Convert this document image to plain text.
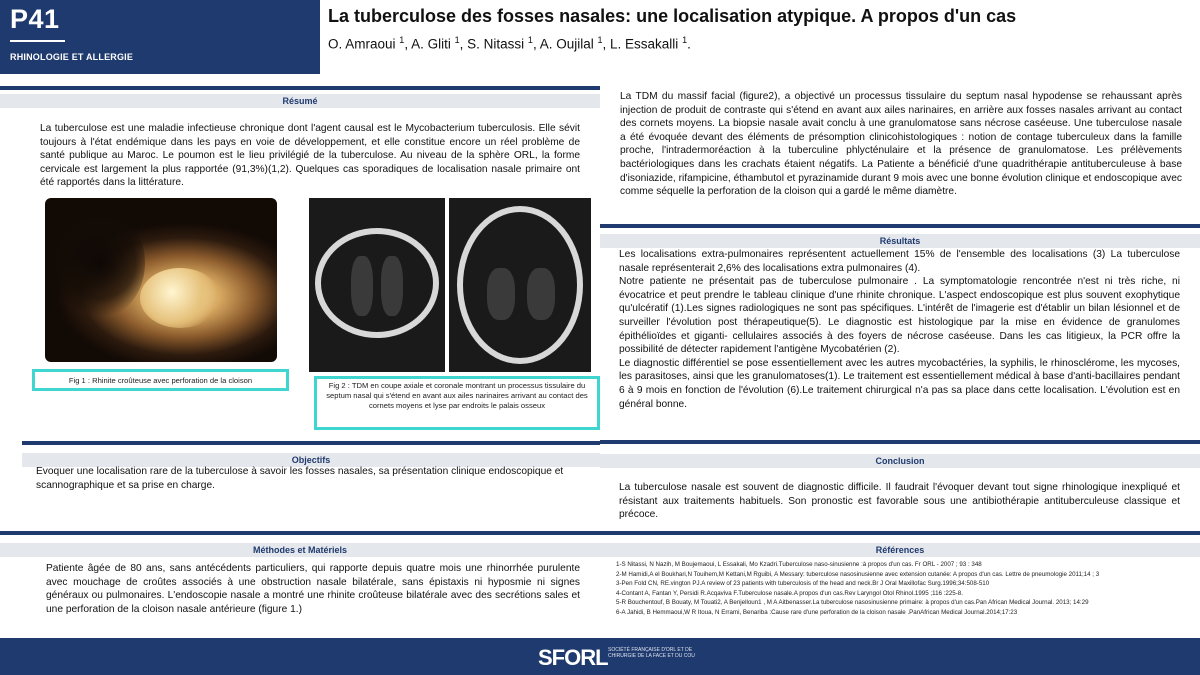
P41
RHINOLOGIE ET ALLERGIE
La tuberculose des fosses nasales: une localisation atypique. A propos d'un cas
O. Amraoui $^1$, A. Gliti $^1$, S. Nitassi $^1$, A. Oujilal $^1$, L. Essakalli $^1$.
Résumé
La tuberculose est une maladie infectieuse chronique dont l'agent causal est le Mycobacterium tuberculosis. Elle sévit toujours à l'état endémique dans les pays en voie de développement, et elle constitue encore un réel problème de santé publique au Maroc. Le poumon est le lieu privilégié de la tuberculose. Au niveau de la sphère ORL, la forme cervicale est largement la plus rapportée (91,3%)(1,2). Quelques cas sporadiques de localisation nasale primaire ont été rapportés dans la littérature.
Fig 1 : Rhinite croûteuse avec perforation de la cloison
Fig 2 : TDM en coupe axiale et coronale montrant un processus tissulaire du septum nasal qui s'étend en avant aux ailes narinaires arrivant au contact des cornets moyens et lyse par endroits le palais osseux
Objectifs
Evoquer une localisation rare de la tuberculose à savoir les fosses nasales, sa présentation clinique endoscopique et scannographique et sa prise en charge.
Méthodes et Matériels
Patiente âgée de 80 ans, sans antécédents particuliers, qui rapporte depuis quatre mois une rhinorrhée purulente avec mouchage de croûtes associés à une obstruction nasale bilatérale, sans épistaxis ni hyposmie ni signes généraux ou pulmonaires. L'endoscopie nasale a montré une rhinite croûteuse bilatérale avec des secrétions sales et une perforation de la cloison nasale antérieure (figure 1.)
La TDM du massif facial (figure2), a objectivé un processus tissulaire du septum nasal hypodense se rehaussant après injection de produit de contraste qui s'étend en avant aux ailes narinaires, en arrière aux fosses nasales arrivant au contact des cornets moyens. La biopsie nasale avait conclu à une granulomatose sans nécrose caséeuse. Une tuberculose nasale a été évoquée devant des éléments de présomption clinicohistologiques : notion de contage tuberculeux dans la famille proche, l'intradermoréaction à la tuberculine phlycténulaire et la présence de granulomatose. Les prélèvements bactériologiques dans les crachats étaient négatifs. La Patiente a bénéficié d'une quadrithérapie antituberculeuse à base d'isoniazide, rifampicine, éthambutol et pyrazinamide durant 9 mois avec une bonne évolution clinique et endoscopique avec comme séquelle la perforation de la cloison qui a gardé le même diamètre.
Résultats
Les localisations extra-pulmonaires représentent actuellement 15% de l'ensemble des localisations (3) La tuberculose nasale représenterait 2,6% des localisations extra pulmonaires (4).
Notre patiente ne présentait pas de tuberculose pulmonaire . La symptomatologie rencontrée n'est ni très riche, ni évocatrice et peut prendre le tableau clinique d'une rhinite chronique. L'aspect endoscopique est plus souvent exophytique qu'ulcératif (1).Les signes radiologiques ne sont pas spécifiques. L'intérêt de l'imagerie est d'établir un bilan lésionnel et de surveiller l'évolution post thérapeutique(5). Le diagnostic est histologique par la mise en évidence de granulomes épithélioïdes et giganti- cellulaires associés à des foyers de nécrose caséeuse. Dans les cas litigieux, la PCR offre la possibilité de détecter rapidement l'antigène Mycobatérien (2).
Le diagnostic différentiel se pose essentiellement avec les autres mycobactéries, la syphilis, le rhinosclérome, les mycoses, les parasitoses, ainsi que les granulomatoses(1). Le traitement est essentiellement médical à base d'anti-bacillaires pendant 6 à 9 mois en fonction de l'évolution (6).Le traitement chirurgical n'a pas sa place dans cette localisation. L'évolution est en général bonne.
Conclusion
La tuberculose nasale est souvent de diagnostic difficile. Il faudrait l'évoquer devant tout signe rhinologique inexpliqué et résistant aux traitements habituels. Son pronostic est favorable sous une antibiothérapie antituberculeuse classique et précoce.
Références
1-S Nitassi, N Nazih, M Boujemaoui, L Essakali, Mo Kzadri.Tuberculose naso-sinusienne :à propos d'un cas. Fr ORL - 2007 ; 93 : 348
2-M Hamidi,A el Boukhari,N Touihem,M Kettani,M Rguibi, A Messary: tuberculose nasosinusienne avec extension cutanée: A propos d'un cas. Lettre de pneumologie 2011;14 ; 3
3-Pen Fold CN, RE.vington PJ.A review of 23 patients with tuberculosis of the head and neck.Br J Oral Maxillofac Surg.1996;34:508-510
4-Contant A, Fantan Y, Persidi R.Acqaviva F.Tuberculose nasale.A propos d'un cas.Rev Laryngol Otol Rhinol.1995 ;116 :225-8.
5-R Bouchentouf, B Bouaty, M Touati2, A Benjelloun1 , M A Aitbenasser.La tuberculose nasosinusienne primaire: à propos d'un cas.Pan African Medical Journal. 2013; 14:29
6-A Jahidi, B Hemmaoui,W R Itoua, N Errami, Benariba :Cause rare d'une perforation de la cloison nasale .PanAfrican Medical Journal.2014;17:23
SFORL SOCIÉTÉ FRANÇAISE D'ORL ET DE CHIRURGIE DE LA FACE ET DU COU
